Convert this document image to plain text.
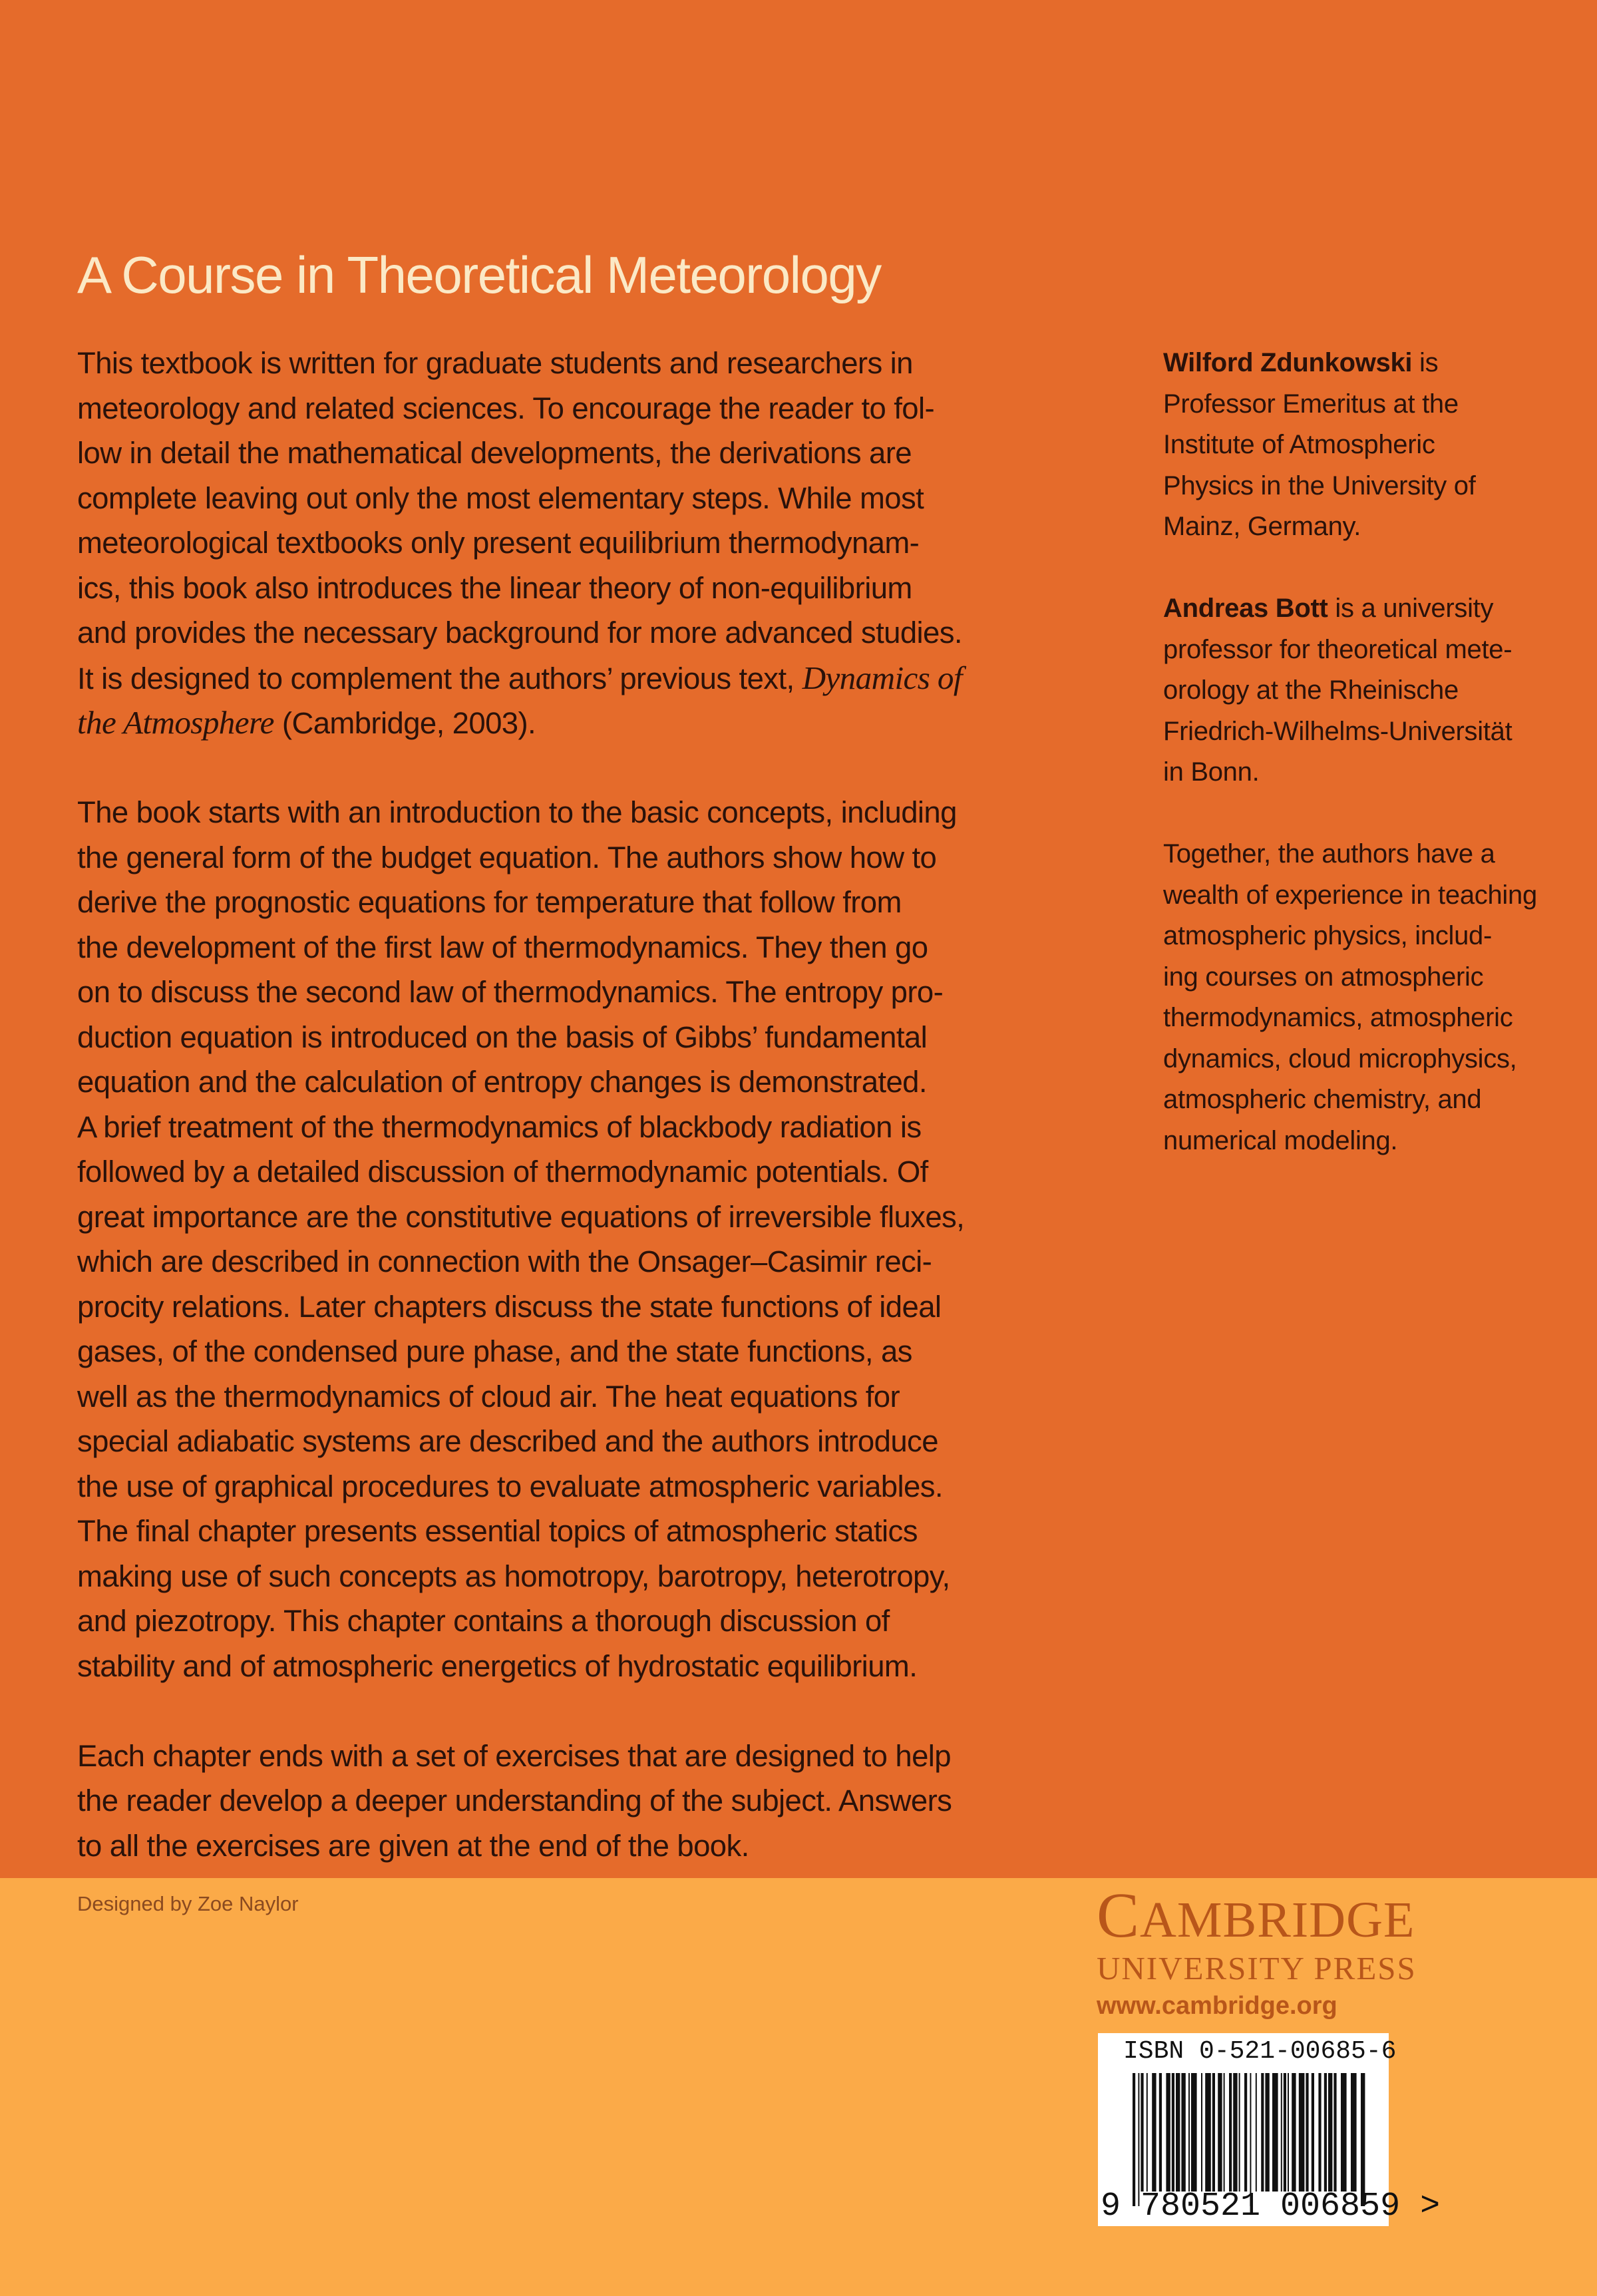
A Course in Theoretical Meteorology
This textbook is written for graduate students and researchers in
meteorology and related sciences. To encourage the reader to fol-
low in detail the mathematical developments, the derivations are
complete leaving out only the most elementary steps. While most
meteorological textbooks only present equilibrium thermodynam-
ics, this book also introduces the linear theory of non-equilibrium
and provides the necessary background for more advanced studies.
It is designed to complement the authors’ previous text, Dynamics of
the Atmosphere (Cambridge, 2003).
The book starts with an introduction to the basic concepts, including
the general form of the budget equation. The authors show how to
derive the prognostic equations for temperature that follow from
the development of the first law of thermodynamics. They then go
on to discuss the second law of thermodynamics. The entropy pro-
duction equation is introduced on the basis of Gibbs’ fundamental
equation and the calculation of entropy changes is demonstrated.
A brief treatment of the thermodynamics of blackbody radiation is
followed by a detailed discussion of thermodynamic potentials. Of
great importance are the constitutive equations of irreversible fluxes,
which are described in connection with the Onsager–Casimir reci-
procity relations. Later chapters discuss the state functions of ideal
gases, of the condensed pure phase, and the state functions, as
well as the thermodynamics of cloud air. The heat equations for
special adiabatic systems are described and the authors introduce
the use of graphical procedures to evaluate atmospheric variables.
The final chapter presents essential topics of atmospheric statics
making use of such concepts as homotropy, barotropy, heterotropy,
and piezotropy. This chapter contains a thorough discussion of
stability and of atmospheric energetics of hydrostatic equilibrium.
Each chapter ends with a set of exercises that are designed to help
the reader develop a deeper understanding of the subject. Answers
to all the exercises are given at the end of the book.
Wilford Zdunkowski is
Professor Emeritus at the
Institute of Atmospheric
Physics in the University of
Mainz, Germany.
Andreas Bott is a university
professor for theoretical mete-
orology at the Rheinische
Friedrich-Wilhelms-Universität
in Bonn.
Together, the authors have a
wealth of experience in teaching
atmospheric physics, includ-
ing courses on atmospheric
thermodynamics, atmospheric
dynamics, cloud microphysics,
atmospheric chemistry, and
numerical modeling.
Designed by Zoe Naylor	CAMBRIDGE
UNIVERSITY PRESS
www.cambridge.org
ISBN 0-521-00685-6
9 780521 006859 >
